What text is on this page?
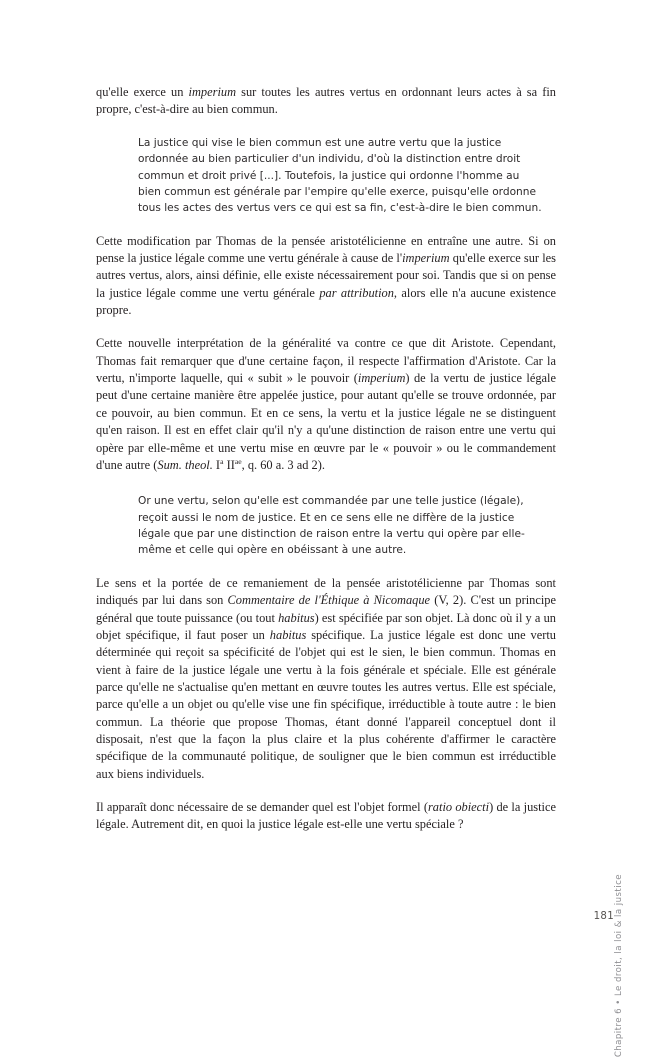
qu'elle exerce un imperium sur toutes les autres vertus en ordonnant leurs actes à sa fin propre, c'est-à-dire au bien commun.

La justice qui vise le bien commun est une autre vertu que la justice ordonnée au bien particulier d'un individu, d'où la distinction entre droit commun et droit privé [...]. Toutefois, la justice qui ordonne l'homme au bien commun est générale par l'empire qu'elle exerce, puisqu'elle ordonne tous les actes des vertus vers ce qui est sa fin, c'est-à-dire le bien commun.

Cette modification par Thomas de la pensée aristotélicienne en entraîne une autre. Si on pense la justice légale comme une vertu générale à cause de l'imperium qu'elle exerce sur les autres vertus, alors, ainsi définie, elle existe nécessairement pour soi. Tandis que si on pense la justice légale comme une vertu générale par attribution, alors elle n'a aucune existence propre.

Cette nouvelle interprétation de la généralité va contre ce que dit Aristote. Cependant, Thomas fait remarquer que d'une certaine façon, il respecte l'affirmation d'Aristote. Car la vertu, n'importe laquelle, qui « subit » le pouvoir (imperium) de la vertu de justice légale peut d'une certaine manière être appelée justice, pour autant qu'elle se trouve ordonnée, par ce pouvoir, au bien commun. Et en ce sens, la vertu et la justice légale ne se distinguent qu'en raison. Il est en effet clair qu'il n'y a qu'une distinction de raison entre une vertu qui opère par elle-même et une vertu mise en œuvre par le « pouvoir » ou le commandement d'une autre (Sum. theol. $I^a$ $II^{ae}$, q. 60 a. 3 ad 2).

Or une vertu, selon qu'elle est commandée par une telle justice (légale), reçoit aussi le nom de justice. Et en ce sens elle ne diffère de la justice légale que par une distinction de raison entre la vertu qui opère par elle-même et celle qui opère en obéissant à une autre.

Le sens et la portée de ce remaniement de la pensée aristotélicienne par Thomas sont indiqués par lui dans son Commentaire de l'Éthique à Nicomaque (V, 2). C'est un principe général que toute puissance (ou tout habitus) est spécifiée par son objet. Là donc où il y a un objet spécifique, il faut poser un habitus spécifique. La justice légale est donc une vertu déterminée qui reçoit sa spécificité de l'objet qui est le sien, le bien commun. Thomas en vient à faire de la justice légale une vertu à la fois générale et spéciale. Elle est générale parce qu'elle ne s'actualise qu'en mettant en œuvre toutes les autres vertus. Elle est spéciale, parce qu'elle a un objet ou qu'elle vise une fin spécifique, irréductible à toute autre : le bien commun. La théorie que propose Thomas, étant donné l'appareil conceptuel dont il disposait, n'est que la façon la plus claire et la plus cohérente d'affirmer le caractère spécifique de la communauté politique, de souligner que le bien commun est irréductible aux biens individuels.

Il apparaît donc nécessaire de se demander quel est l'objet formel (ratio obiecti) de la justice légale. Autrement dit, en quoi la justice légale est-elle une vertu spéciale ?

Chapitre 6 • Le droit, la loi & la justice
181
